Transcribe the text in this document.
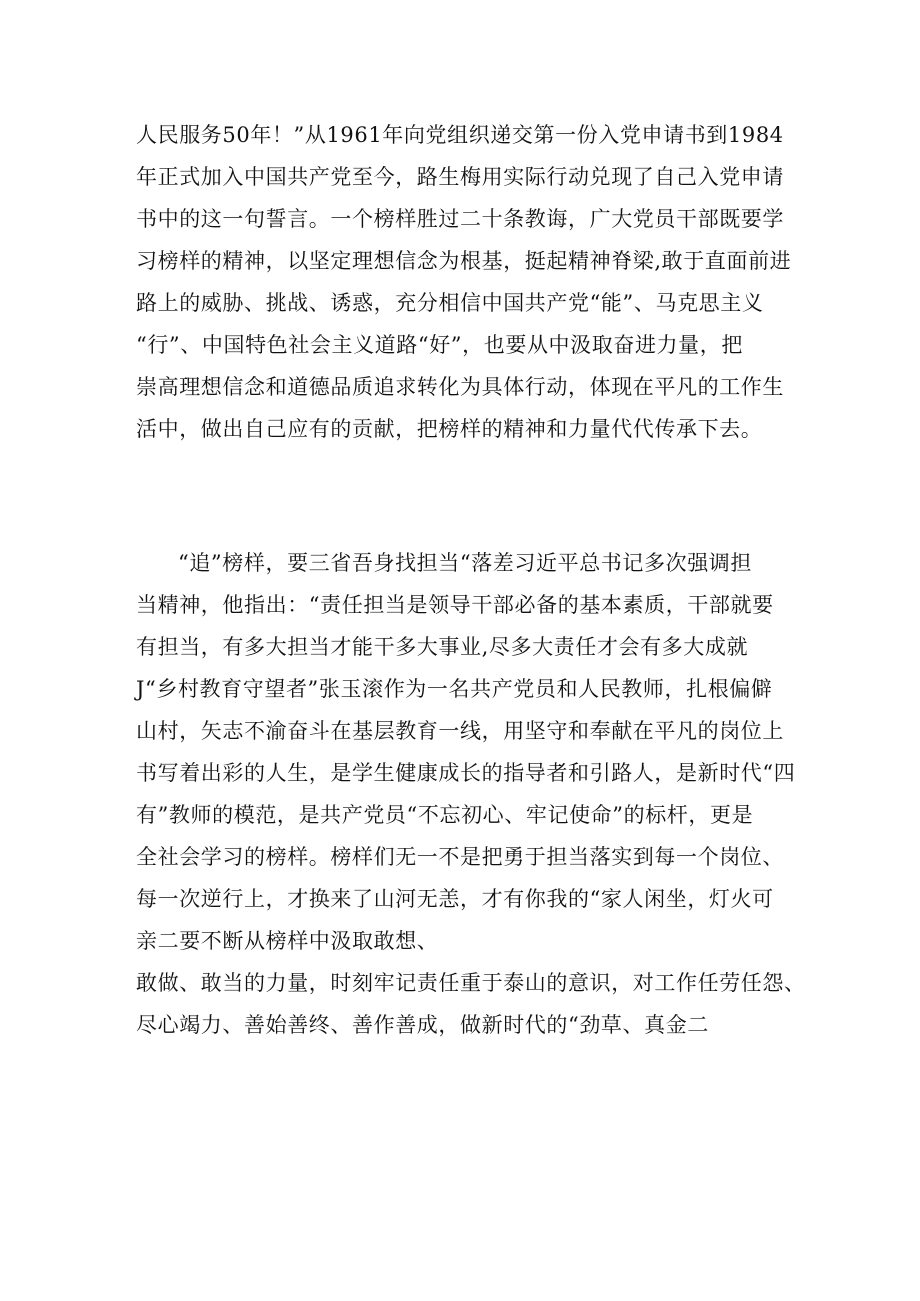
人民服务50年！”从1961年向党组织递交第一份入党申请书到1984
年正式加入中国共产党至今，路生梅用实际行动兑现了自己入党申请
书中的这一句誓言。一个榜样胜过二十条教诲，广大党员干部既要学
习榜样的精神，以坚定理想信念为根基，挺起精神脊梁,敢于直面前进
路上的威胁、挑战、诱惑，充分相信中国共产党“能”、马克思主义
“行”、中国特色社会主义道路“好”，也要从中汲取奋进力量，把
崇高理想信念和道德品质追求转化为具体行动，体现在平凡的工作生
活中，做出自己应有的贡献，把榜样的精神和力量代代传承下去。
“追”榜样，要三省吾身找担当“落差习近平总书记多次强调担
当精神，他指出：“责任担当是领导干部必备的基本素质，干部就要
有担当，有多大担当才能干多大事业,尽多大责任才会有多大成就
J“乡村教育守望者”张玉滚作为一名共产党员和人民教师，扎根偏僻
山村，矢志不渝奋斗在基层教育一线，用坚守和奉献在平凡的岗位上
书写着出彩的人生，是学生健康成长的指导者和引路人，是新时代“四
有”教师的模范，是共产党员“不忘初心、牢记使命”的标杆，更是
全社会学习的榜样。榜样们无一不是把勇于担当落实到每一个岗位、
每一次逆行上，才换来了山河无恙，才有你我的“家人闲坐，灯火可
亲二要不断从榜样中汲取敢想、
敢做、敢当的力量，时刻牢记责任重于泰山的意识，对工作任劳任怨、
尽心竭力、善始善终、善作善成，做新时代的“劲草、真金二
